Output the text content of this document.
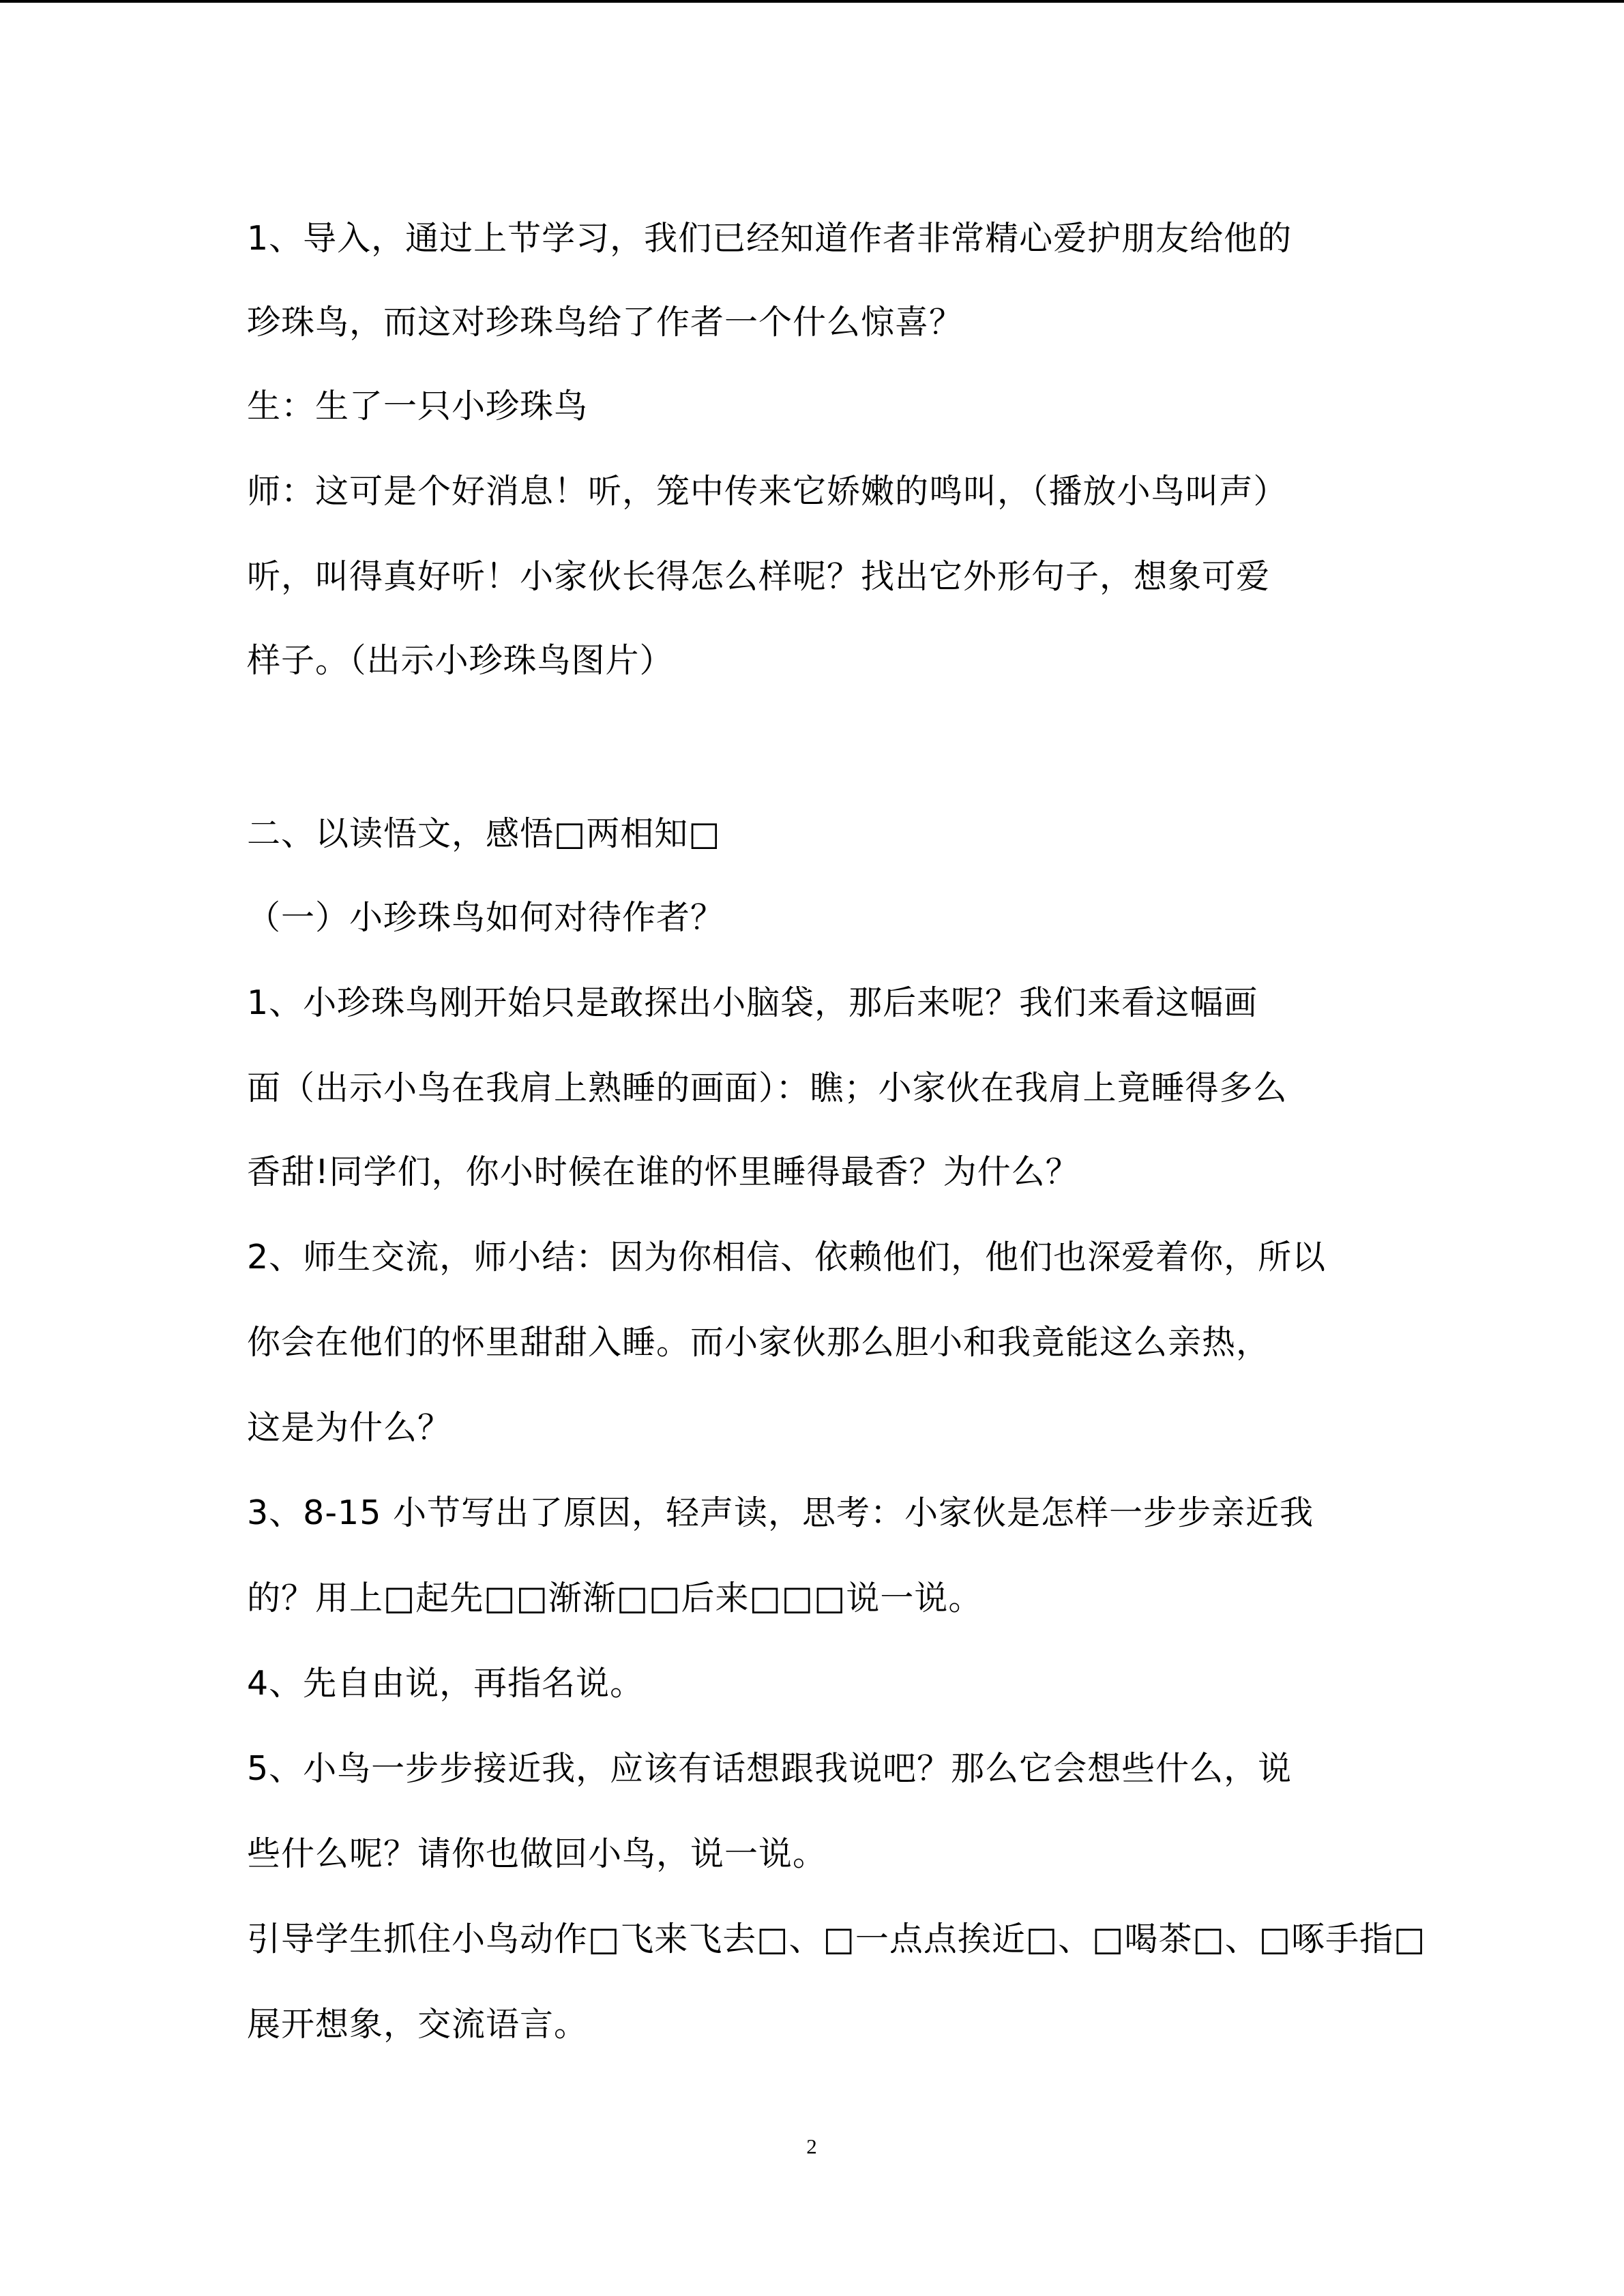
1、导入，通过上节学习，我们已经知道作者非常精心爱护朋友给他的
珍珠鸟，而这对珍珠鸟给了作者一个什么惊喜？
生：生了一只小珍珠鸟
师：这可是个好消息！听，笼中传来它娇嫩的鸣叫，（播放小鸟叫声）
听，叫得真好听！小家伙长得怎么样呢？找出它外形句子，想象可爱
样子。（出示小珍珠鸟图片）
二、以读悟文，感悟□两相知□
（一）小珍珠鸟如何对待作者？
1、小珍珠鸟刚开始只是敢探出小脑袋，那后来呢？我们来看这幅画
面（出示小鸟在我肩上熟睡的画面）：瞧；小家伙在我肩上竟睡得多么
香甜!同学们，你小时候在谁的怀里睡得最香？为什么？
2、师生交流，师小结：因为你相信、依赖他们，他们也深爱着你，所以
你会在他们的怀里甜甜入睡。而小家伙那么胆小和我竟能这么亲热，
这是为什么？
3、8-15 小节写出了原因，轻声读，思考：小家伙是怎样一步步亲近我
的？用上□起先□□渐渐□□后来□□□说一说。
4、先自由说，再指名说。
5、小鸟一步步接近我，应该有话想跟我说吧？那么它会想些什么，说
些什么呢？请你也做回小鸟，说一说。
引导学生抓住小鸟动作□飞来飞去□、□一点点挨近□、□喝茶□、□啄手指□
展开想象，交流语言。
2
